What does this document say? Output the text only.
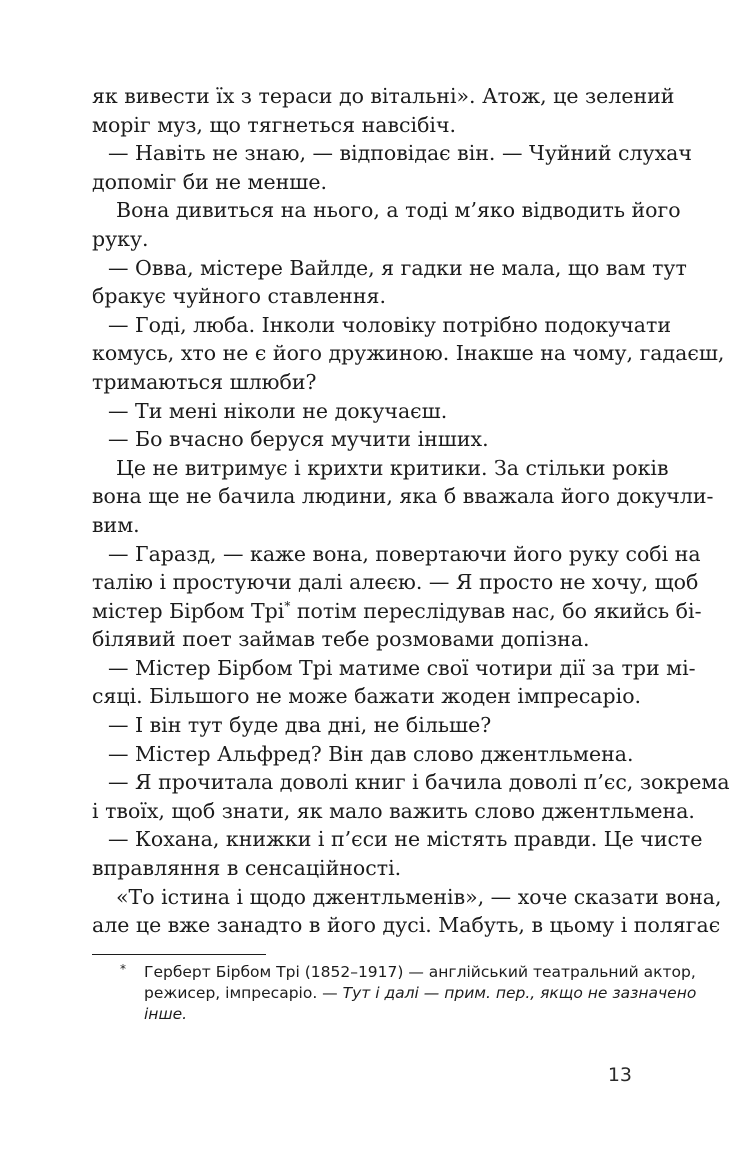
як вивести їх з тераси до вітальні». Атож, це зелений
моріг муз, що тягнеться навсібіч.
— Навіть не знаю, — відповідає він. — Чуйний слухач
допоміг би не менше.
Вона дивиться на нього, а тоді м’яко відводить його
руку.
— Овва, містере Вайлде, я гадки не мала, що вам тут
бракує чуйного ставлення.
— Годі, люба. Інколи чоловіку потрібно подокучати
комусь, хто не є його дружиною. Інакше на чому, гадаєш,
тримаються шлюби?
— Ти мені ніколи не докучаєш.
— Бо вчасно беруся мучити інших.
Це не витримує і крихти критики. За стільки років
вона ще не бачила людини, яка б вважала його докучли-
вим.
— Гаразд, — каже вона, повертаючи його руку собі на
талію і простуючи далі алеєю. — Я просто не хочу, щоб
містер Бірбом Трі* потім переслідував нас, бо якийсь бі-
білявий поет займав тебе розмовами допізна.
— Містер Бірбом Трі матиме свої чотири дії за три мі-
сяці. Більшого не може бажати жоден імпресаріо.
— І він тут буде два дні, не більше?
— Містер Альфред? Він дав слово джентльмена.
— Я прочитала доволі книг і бачила доволі п’єс, зокрема
і твоїх, щоб знати, як мало важить слово джентльмена.
— Кохана, книжки і п’єси не містять правди. Це чисте
вправляння в сенсаційності.
«То істина і щодо джентльменів», — хоче сказати вона,
але це вже занадто в його дусі. Мабуть, в цьому і полягає
*	Герберт Бірбом Трі (1852–1917) — англійський театральний актор,
режисер, імпресаріо. — Тут і далі — прим. пер., якщо не зазначено
інше.
13
